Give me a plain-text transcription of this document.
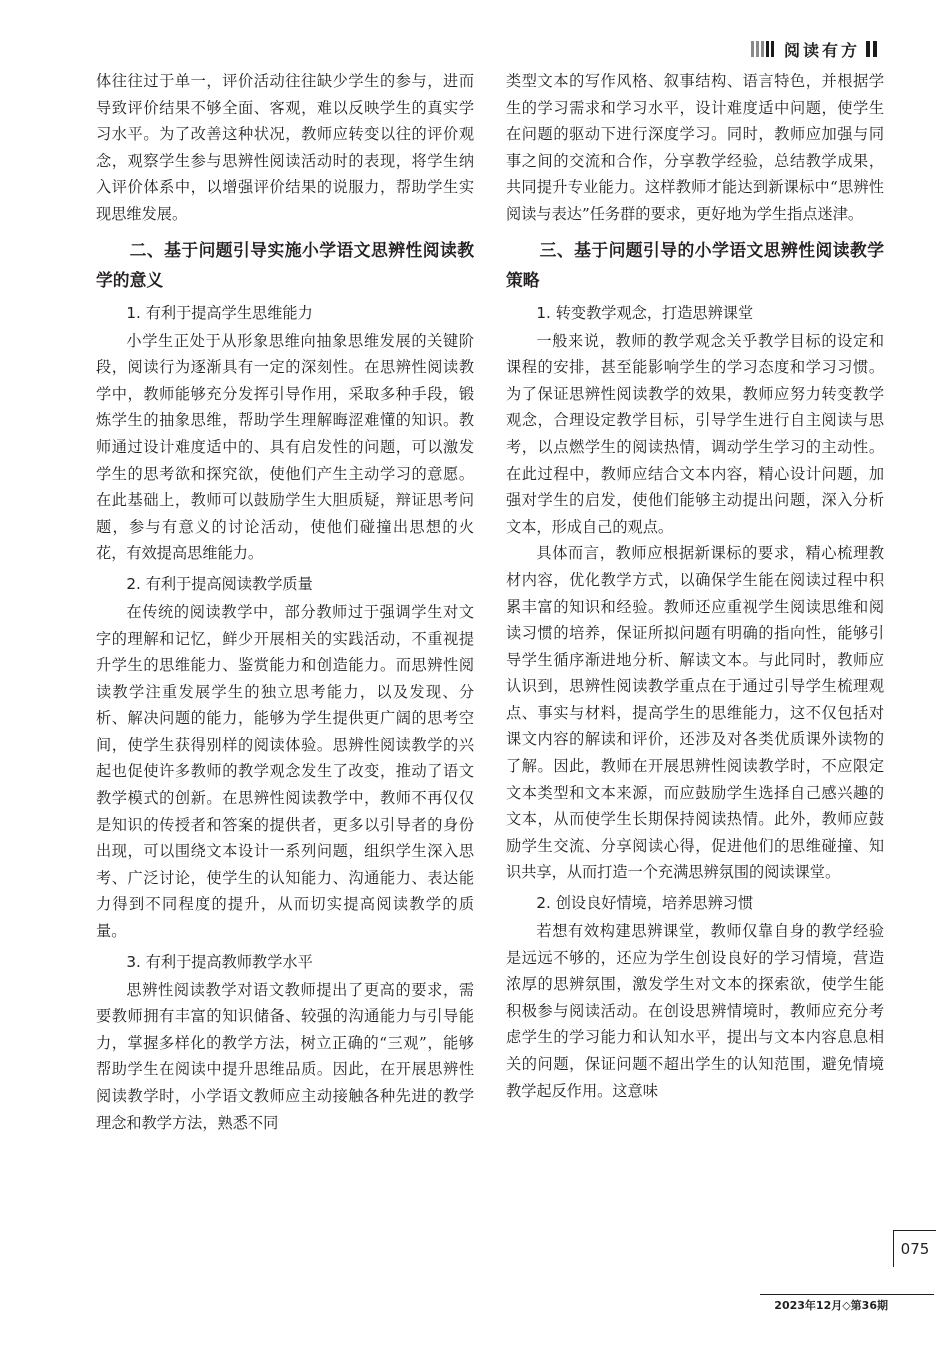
阅读有方

体往往过于单一，评价活动往往缺少学生的参与，进而导致评价结果不够全面、客观，难以反映学生的真实学习水平。为了改善这种状况，教师应转变以往的评价观念，观察学生参与思辨性阅读活动时的表现，将学生纳入评价体系中，以增强评价结果的说服力，帮助学生实现思维发展。

二、基于问题引导实施小学语文思辨性阅读教学的意义
1. 有利于提高学生思维能力

小学生正处于从形象思维向抽象思维发展的关键阶段，阅读行为逐渐具有一定的深刻性。在思辨性阅读教学中，教师能够充分发挥引导作用，采取多种手段，锻炼学生的抽象思维，帮助学生理解晦涩难懂的知识。教师通过设计难度适中的、具有启发性的问题，可以激发学生的思考欲和探究欲，使他们产生主动学习的意愿。在此基础上，教师可以鼓励学生大胆质疑，辩证思考问题，参与有意义的讨论活动，使他们碰撞出思想的火花，有效提高思维能力。

2. 有利于提高阅读教学质量

在传统的阅读教学中，部分教师过于强调学生对文字的理解和记忆，鲜少开展相关的实践活动，不重视提升学生的思维能力、鉴赏能力和创造能力。而思辨性阅读教学注重发展学生的独立思考能力，以及发现、分析、解决问题的能力，能够为学生提供更广阔的思考空间，使学生获得别样的阅读体验。思辨性阅读教学的兴起也促使许多教师的教学观念发生了改变，推动了语文教学模式的创新。在思辨性阅读教学中，教师不再仅仅是知识的传授者和答案的提供者，更多以引导者的身份出现，可以围绕文本设计一系列问题，组织学生深入思考、广泛讨论，使学生的认知能力、沟通能力、表达能力得到不同程度的提升，从而切实提高阅读教学的质量。

3. 有利于提高教师教学水平

思辨性阅读教学对语文教师提出了更高的要求，需要教师拥有丰富的知识储备、较强的沟通能力与引导能力，掌握多样化的教学方法，树立正确的“三观”，能够帮助学生在阅读中提升思维品质。因此，在开展思辨性阅读教学时，小学语文教师应主动接触各种先进的教学理念和教学方法，熟悉不同

类型文本的写作风格、叙事结构、语言特色，并根据学生的学习需求和学习水平，设计难度适中问题，使学生在问题的驱动下进行深度学习。同时，教师应加强与同事之间的交流和合作，分享教学经验，总结教学成果，共同提升专业能力。这样教师才能达到新课标中“思辨性阅读与表达”任务群的要求，更好地为学生指点迷津。

三、基于问题引导的小学语文思辨性阅读教学策略
1. 转变教学观念，打造思辨课堂

一般来说，教师的教学观念关乎教学目标的设定和课程的安排，甚至能影响学生的学习态度和学习习惯。为了保证思辨性阅读教学的效果，教师应努力转变教学观念，合理设定教学目标，引导学生进行自主阅读与思考，以点燃学生的阅读热情，调动学生学习的主动性。在此过程中，教师应结合文本内容，精心设计问题，加强对学生的启发，使他们能够主动提出问题，深入分析文本，形成自己的观点。

具体而言，教师应根据新课标的要求，精心梳理教材内容，优化教学方式，以确保学生能在阅读过程中积累丰富的知识和经验。教师还应重视学生阅读思维和阅读习惯的培养，保证所拟问题有明确的指向性，能够引导学生循序渐进地分析、解读文本。与此同时，教师应认识到，思辨性阅读教学重点在于通过引导学生梳理观点、事实与材料，提高学生的思维能力，这不仅包括对课文内容的解读和评价，还涉及对各类优质课外读物的了解。因此，教师在开展思辨性阅读教学时，不应限定文本类型和文本来源，而应鼓励学生选择自己感兴趣的文本，从而使学生长期保持阅读热情。此外，教师应鼓励学生交流、分享阅读心得，促进他们的思维碰撞、知识共享，从而打造一个充满思辨氛围的阅读课堂。

2. 创设良好情境，培养思辨习惯

若想有效构建思辨课堂，教师仅靠自身的教学经验是远远不够的，还应为学生创设良好的学习情境，营造浓厚的思辨氛围，激发学生对文本的探索欲，使学生能积极参与阅读活动。在创设思辨情境时，教师应充分考虑学生的学习能力和认知水平，提出与文本内容息息相关的问题，保证问题不超出学生的认知范围，避免情境教学起反作用。这意味

075
2023年12月◇第36期
